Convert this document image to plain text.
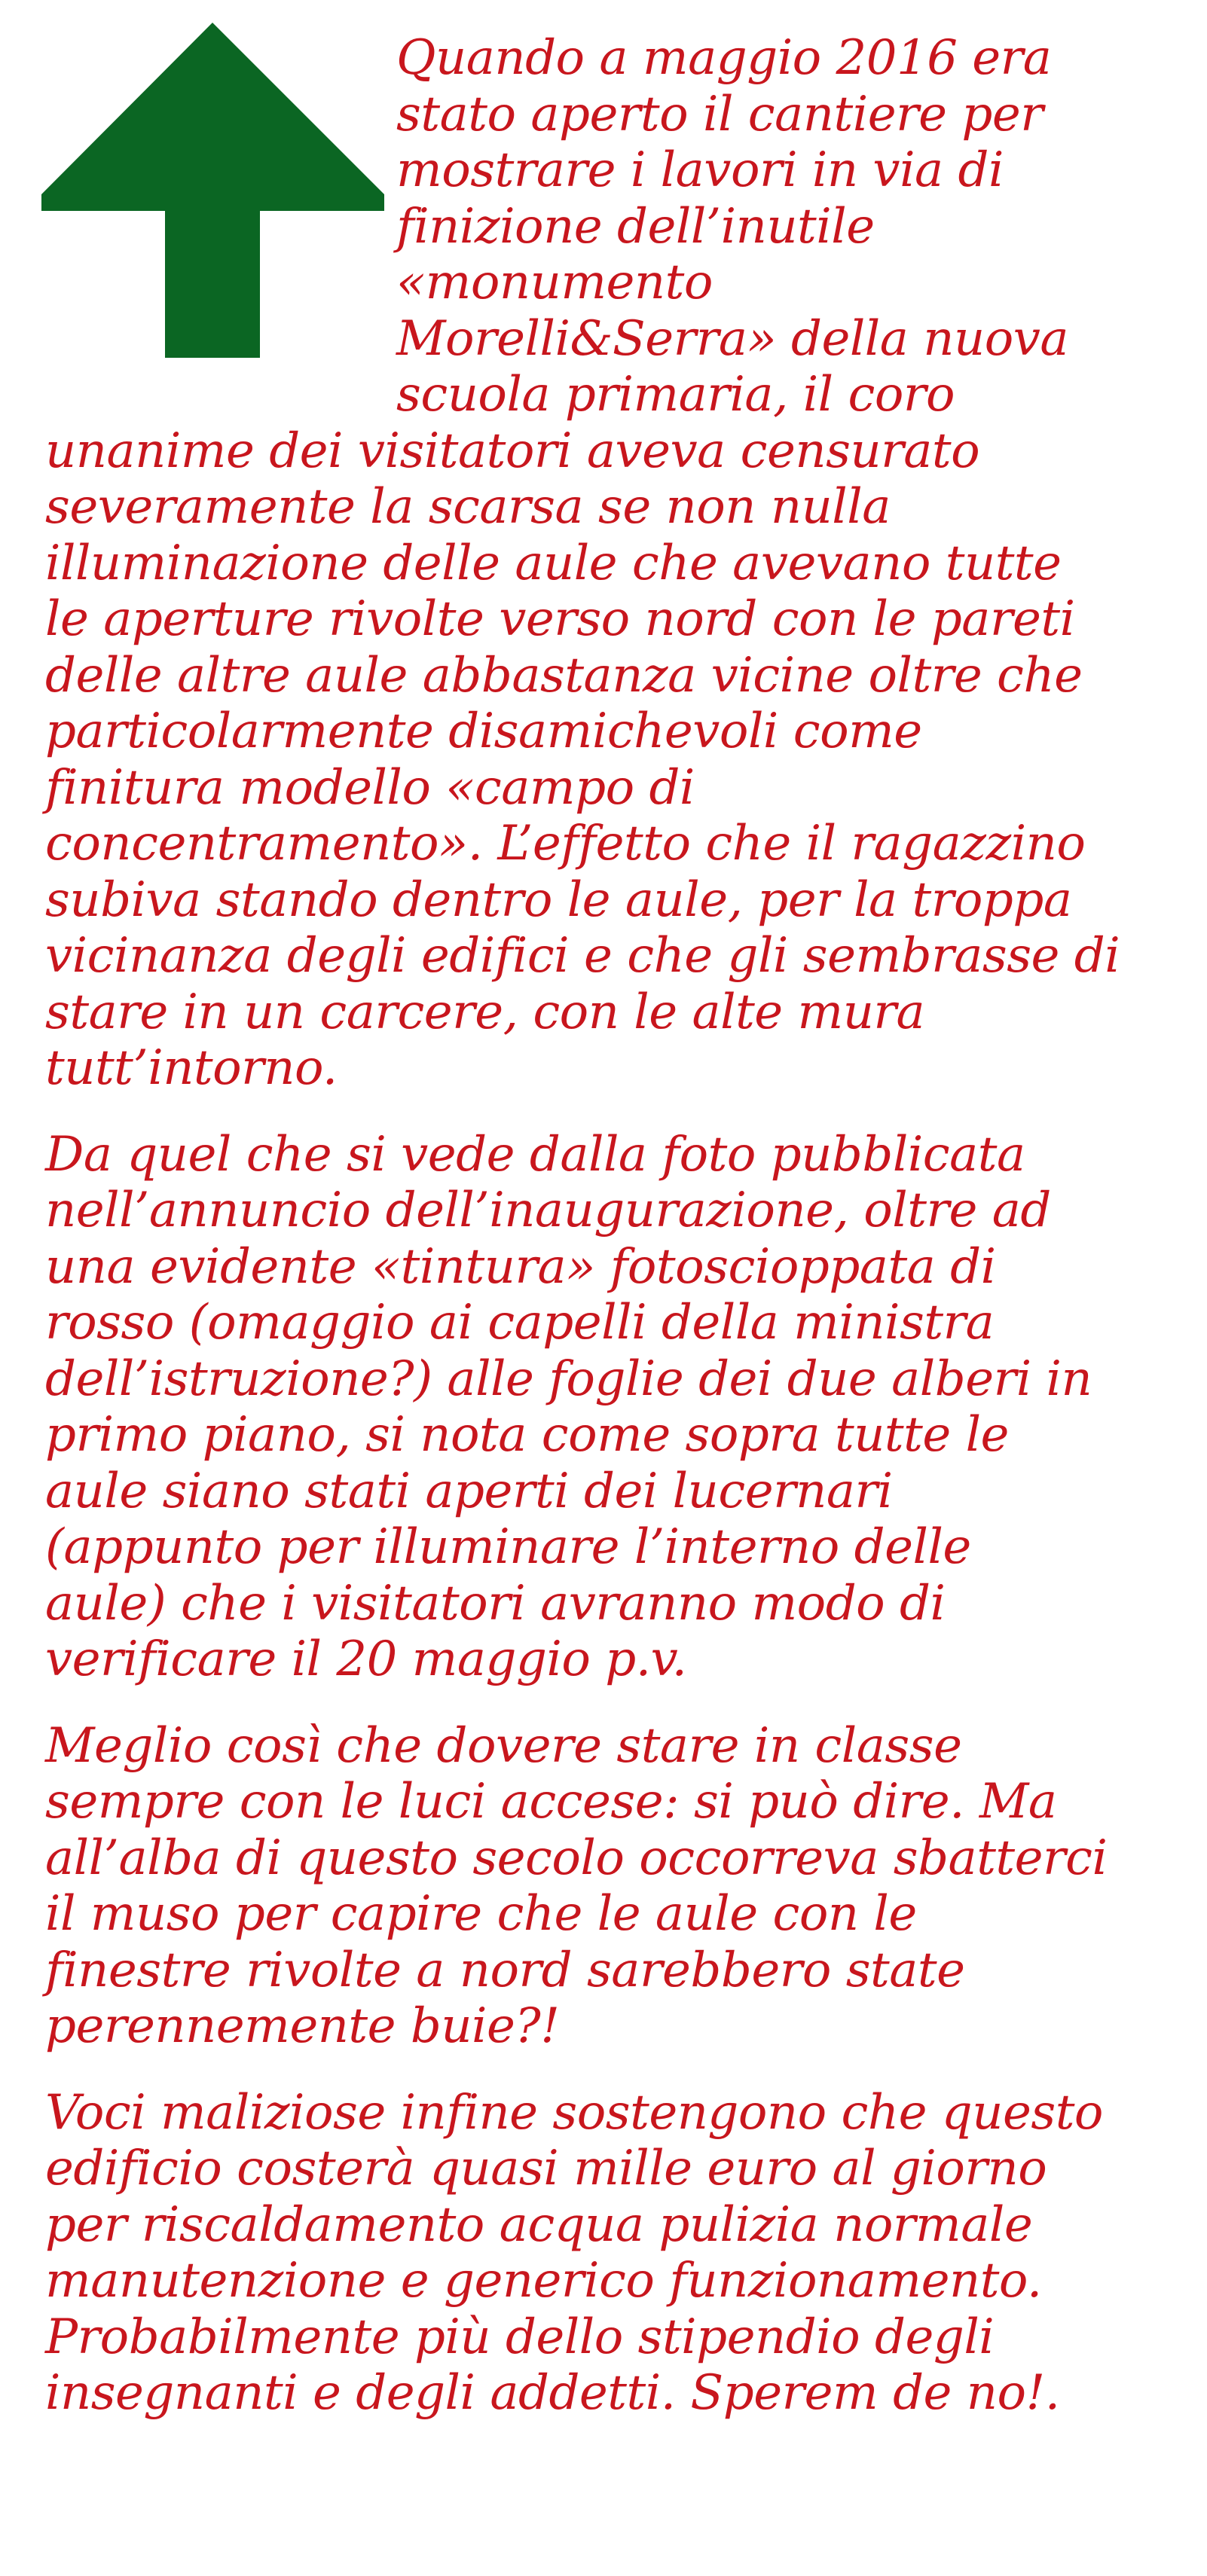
Quando a maggio 2016 era
stato aperto il cantiere per
mostrare i lavori in via di
finizione dell’inutile
«monumento
Morelli&Serra» della nuova
scuola primaria, il coro
unanime dei visitatori aveva censurato
severamente la scarsa se non nulla
illuminazione delle aule che avevano tutte
le aperture rivolte verso nord con le pareti
delle altre aule abbastanza vicine oltre che
particolarmente disamichevoli come
finitura modello «campo di
concentramento». L’effetto che il ragazzino
subiva stando dentro le aule, per la troppa
vicinanza degli edifici e che gli sembrasse di
stare in un carcere, con le alte mura
tutt’intorno.

Da quel che si vede dalla foto pubblicata
nell’annuncio dell’inaugurazione, oltre ad
una evidente «tintura» fotoscioppata di
rosso (omaggio ai capelli della ministra
dell’istruzione?) alle foglie dei due alberi in
primo piano, si nota come sopra tutte le
aule siano stati aperti dei lucernari
(appunto per illuminare l’interno delle
aule) che i visitatori avranno modo di
verificare il 20 maggio p.v.

Meglio così che dovere stare in classe
sempre con le luci accese: si può dire. Ma
all’alba di questo secolo occorreva sbatterci
il muso per capire che le aule con le
finestre rivolte a nord sarebbero state
perennemente buie?!

Voci maliziose infine sostengono che questo
edificio costerà quasi mille euro al giorno
per riscaldamento acqua pulizia normale
manutenzione e generico funzionamento.
Probabilmente più dello stipendio degli
insegnanti e degli addetti. Sperem de no!.
